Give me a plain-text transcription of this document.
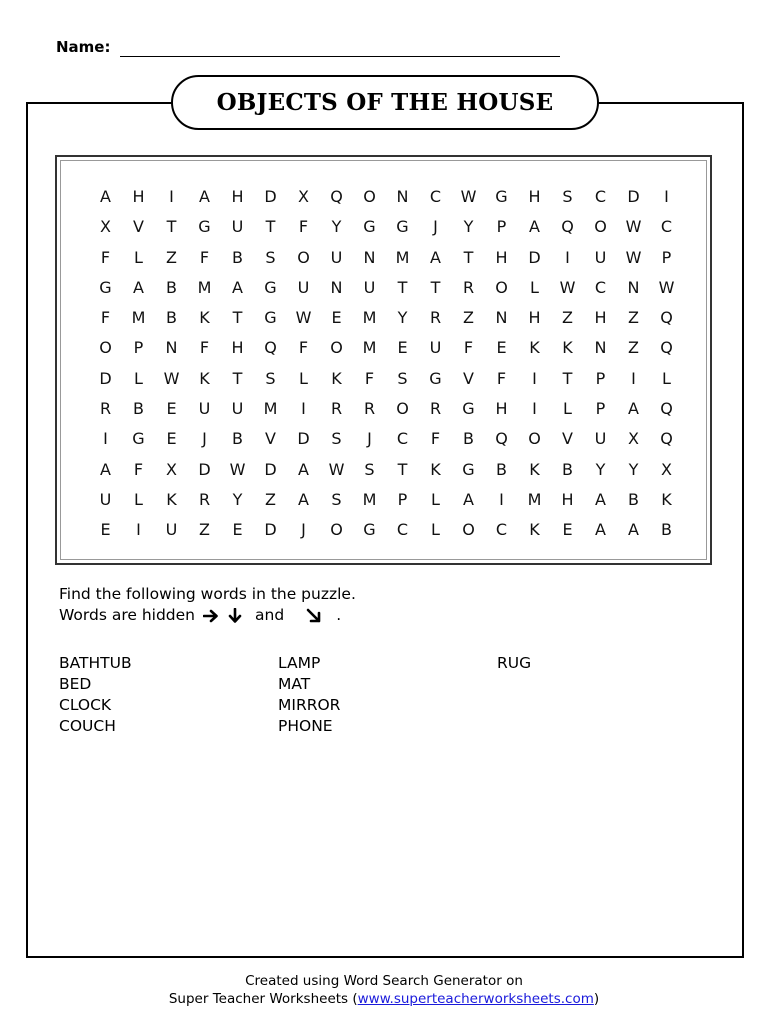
Name:
OBJECTS OF THE HOUSE
A	H	I	A	H	D	X	Q	O	N	C	W	G	H	S	C	D	I
X	V	T	G	U	T	F	Y	G	G	J	Y	P	A	Q	O	W	C
F	L	Z	F	B	S	O	U	N	M	A	T	H	D	I	U	W	P
G	A	B	M	A	G	U	N	U	T	T	R	O	L	W	C	N	W
F	M	B	K	T	G	W	E	M	Y	R	Z	N	H	Z	H	Z	Q
O	P	N	F	H	Q	F	O	M	E	U	F	E	K	K	N	Z	Q
D	L	W	K	T	S	L	K	F	S	G	V	F	I	T	P	I	L
R	B	E	U	U	M	I	R	R	O	R	G	H	I	L	P	A	Q
I	G	E	J	B	V	D	S	J	C	F	B	Q	O	V	U	X	Q
A	F	X	D	W	D	A	W	S	T	K	G	B	K	B	Y	Y	X
U	L	K	R	Y	Z	A	S	M	P	L	A	I	M	H	A	B	K
E	I	U	Z	E	D	J	O	G	C	L	O	C	K	E	A	A	B
Find the following words in the puzzle.
Words are hidden	and	.
BATHTUB
BED
CLOCK
COUCH
LAMP
MAT
MIRROR
PHONE
RUG
Created using Word Search Generator on
Super Teacher Worksheets (www.superteacherworksheets.com)
